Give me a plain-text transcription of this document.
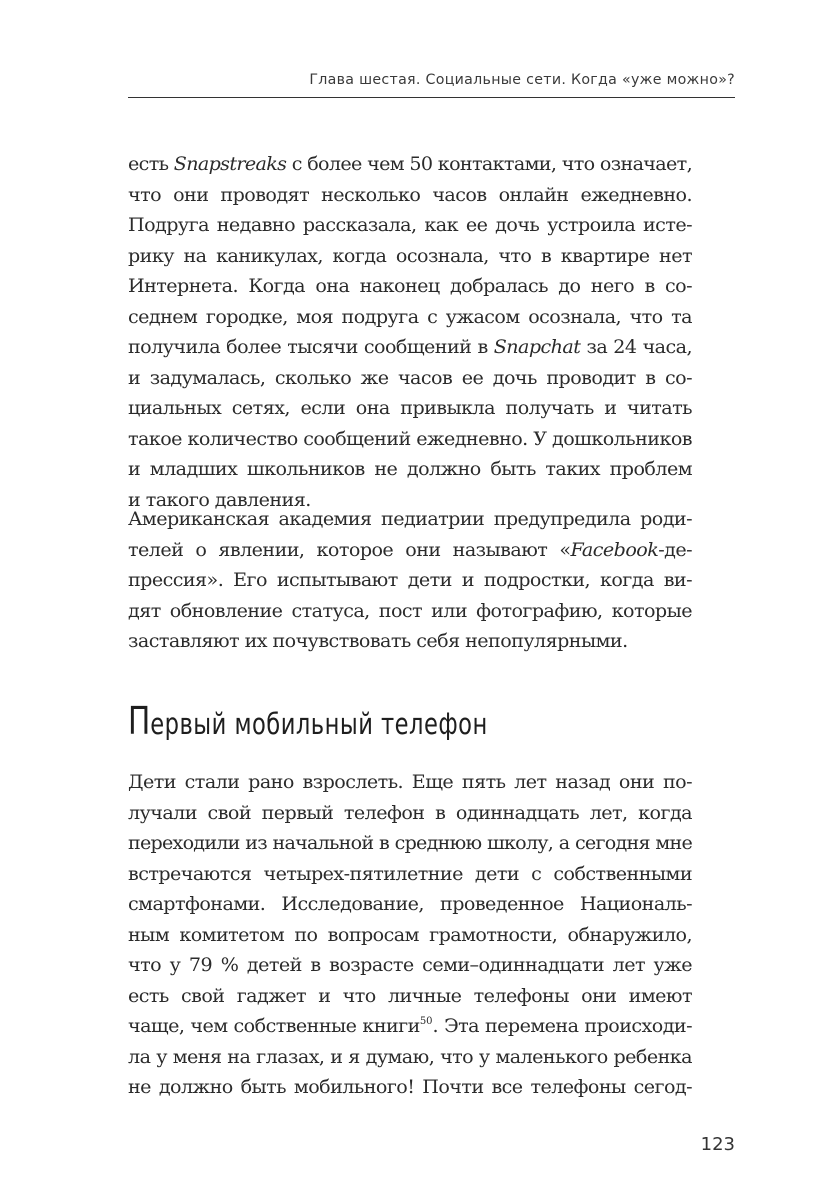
Глава шестая. Социальные сети. Когда «уже можно»?
есть Snapstreaks с более чем 50 контактами, что означает,
что они проводят несколько часов онлайн ежедневно.
Подруга недавно рассказала, как ее дочь устроила исте-
рику на каникулах, когда осознала, что в квартире нет
Интернета. Когда она наконец добралась до него в со-
седнем городке, моя подруга с ужасом осознала, что та
получила более тысячи сообщений в Snapchat за 24 часа,
и задумалась, сколько же часов ее дочь проводит в со-
циальных сетях, если она привыкла получать и читать
такое количество сообщений ежедневно. У дошкольников
и младших школьников не должно быть таких проблем
и такого давления.
Американская академия педиатрии предупредила роди-
телей о явлении, которое они называют «Facebook-де-
прессия». Его испытывают дети и подростки, когда ви-
дят обновление статуса, пост или фотографию, которые
заставляют их почувствовать себя непопулярными.
Первый мобильный телефон
Дети стали рано взрослеть. Еще пять лет назад они по-
лучали свой первый телефон в одиннадцать лет, когда
переходили из начальной в среднюю школу, а сегодня мне
встречаются четырех-пятилетние дети с собственными
смартфонами. Исследование, проведенное Националь-
ным комитетом по вопросам грамотности, обнаружило,
что у 79 % детей в возрасте семи–одиннадцати лет уже
есть свой гаджет и что личные телефоны они имеют
чаще, чем собственные книги$^{50}$. Эта перемена происходи-
ла у меня на глазах, и я думаю, что у маленького ребенка
не должно быть мобильного! Почти все телефоны сегод-
123
